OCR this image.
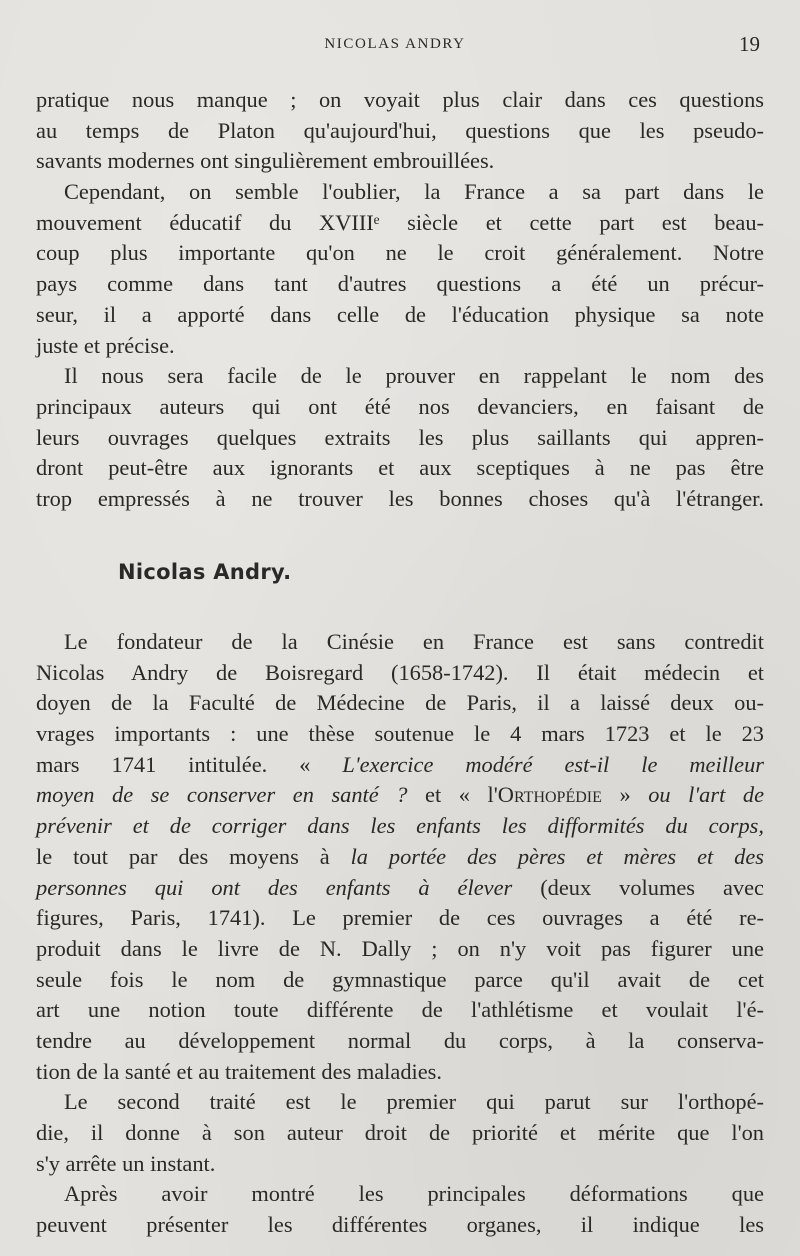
NICOLAS ANDRY	19
pratique nous manque ; on voyait plus clair dans ces questions
au temps de Platon qu'aujourd'hui, questions que les pseudo-
savants modernes ont singulièrement embrouillées.
Cependant, on semble l'oublier, la France a sa part dans le
mouvement éducatif du XVIIIᵉ siècle et cette part est beau-
coup plus importante qu'on ne le croit généralement. Notre
pays comme dans tant d'autres questions a été un précur-
seur, il a apporté dans celle de l'éducation physique sa note
juste et précise.
Il nous sera facile de le prouver en rappelant le nom des
principaux auteurs qui ont été nos devanciers, en faisant de
leurs ouvrages quelques extraits les plus saillants qui appren-
dront peut-être aux ignorants et aux sceptiques à ne pas être
trop empressés à ne trouver les bonnes choses qu'à l'étranger.
Nicolas Andry.
Le fondateur de la Cinésie en France est sans contredit
Nicolas Andry de Boisregard (1658-1742). Il était médecin et
doyen de la Faculté de Médecine de Paris, il a laissé deux ou-
vrages importants : une thèse soutenue le 4 mars 1723 et le 23
mars 1741 intitulée. « L'exercice modéré est-il le meilleur
moyen de se conserver en santé ? et « l'Orthopédie » ou l'art de
prévenir et de corriger dans les enfants les difformités du corps,
le tout par des moyens à la portée des pères et mères et des
personnes qui ont des enfants à élever (deux volumes avec
figures, Paris, 1741). Le premier de ces ouvrages a été re-
produit dans le livre de N. Dally ; on n'y voit pas figurer une
seule fois le nom de gymnastique parce qu'il avait de cet
art une notion toute différente de l'athlétisme et voulait l'é-
tendre au développement normal du corps, à la conserva-
tion de la santé et au traitement des maladies.
Le second traité est le premier qui parut sur l'orthopé-
die, il donne à son auteur droit de priorité et mérite que l'on
s'y arrête un instant.
Après avoir montré les principales déformations que
peuvent présenter les différentes organes, il indique les
